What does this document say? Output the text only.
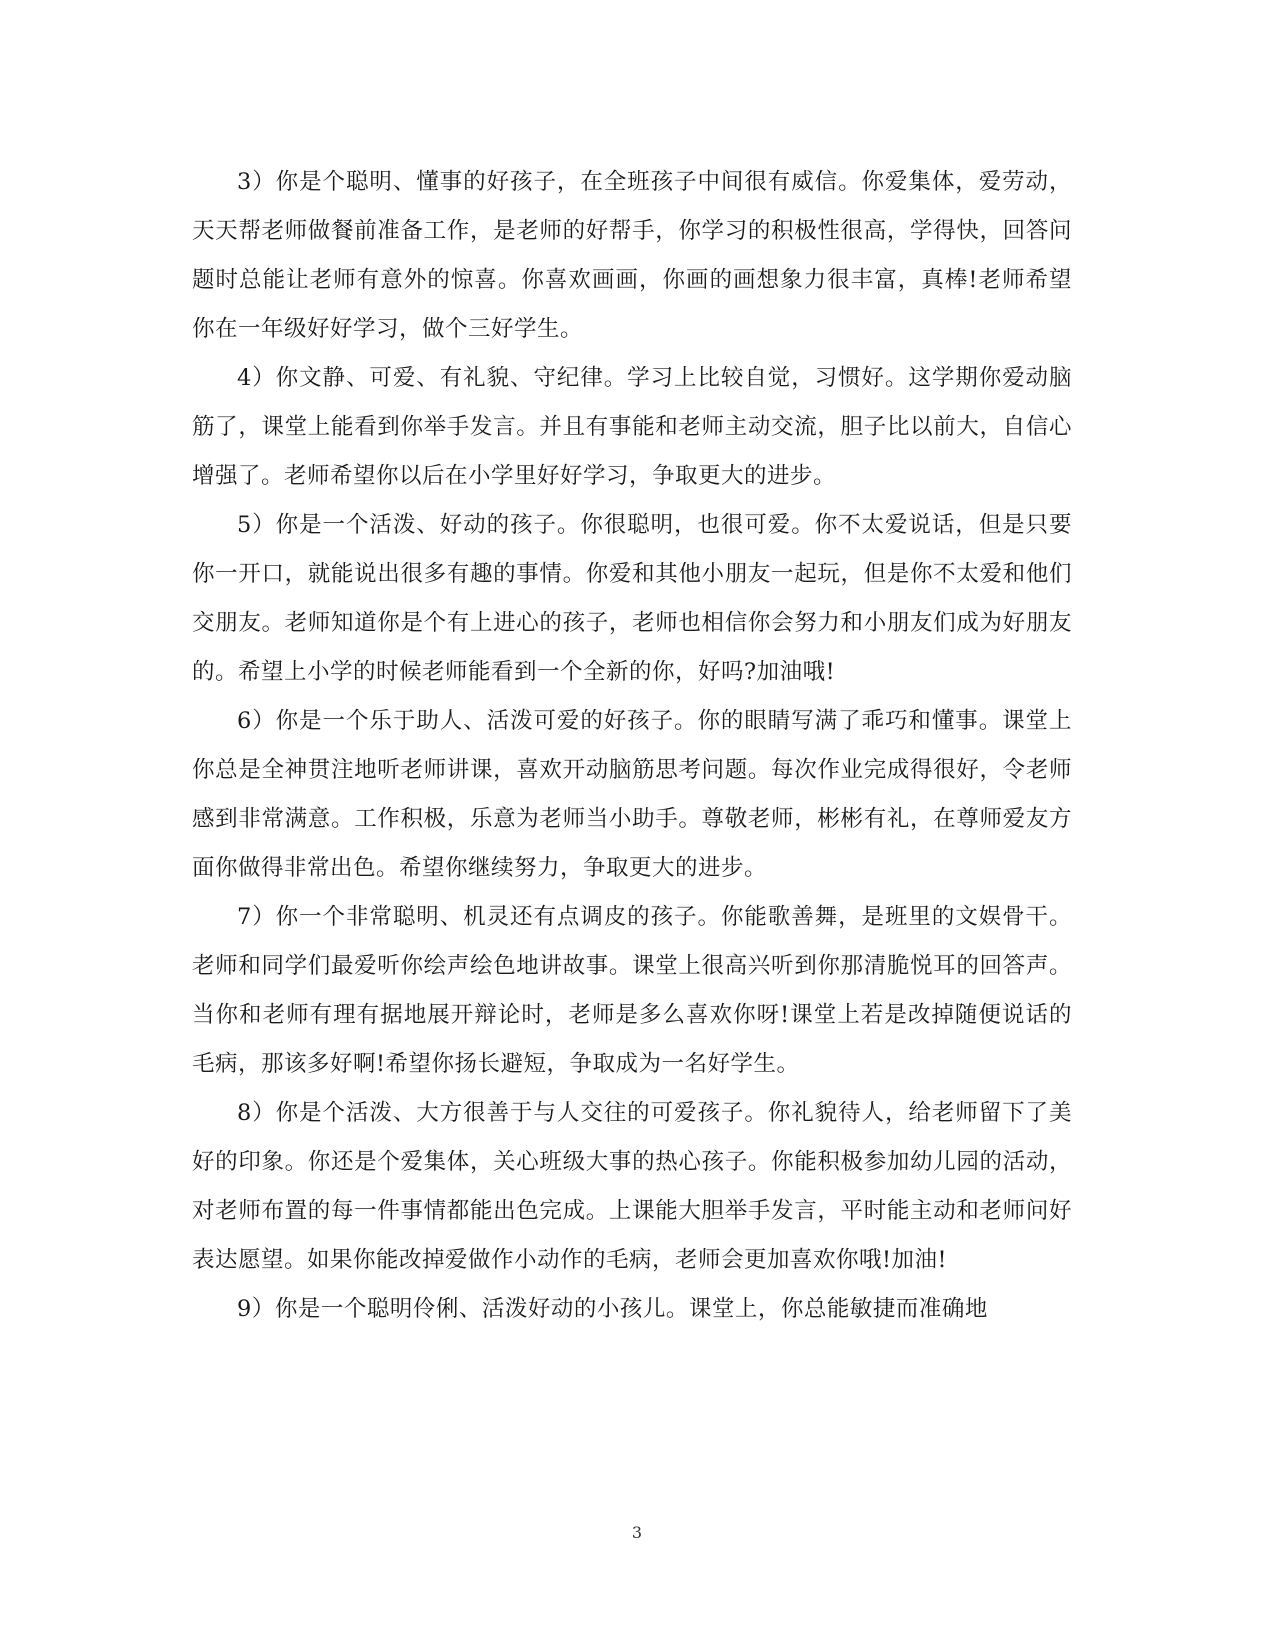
3）你是个聪明、懂事的好孩子，在全班孩子中间很有威信。你爱集体，爱劳动，天天帮老师做餐前准备工作，是老师的好帮手，你学习的积极性很高，学得快，回答问题时总能让老师有意外的惊喜。你喜欢画画，你画的画想象力很丰富，真棒!老师希望你在一年级好好学习，做个三好学生。

4）你文静、可爱、有礼貌、守纪律。学习上比较自觉，习惯好。这学期你爱动脑筋了，课堂上能看到你举手发言。并且有事能和老师主动交流，胆子比以前大，自信心增强了。老师希望你以后在小学里好好学习，争取更大的进步。

5）你是一个活泼、好动的孩子。你很聪明，也很可爱。你不太爱说话，但是只要你一开口，就能说出很多有趣的事情。你爱和其他小朋友一起玩，但是你不太爱和他们交朋友。老师知道你是个有上进心的孩子，老师也相信你会努力和小朋友们成为好朋友的。希望上小学的时候老师能看到一个全新的你，好吗?加油哦!

6）你是一个乐于助人、活泼可爱的好孩子。你的眼睛写满了乖巧和懂事。课堂上你总是全神贯注地听老师讲课，喜欢开动脑筋思考问题。每次作业完成得很好，令老师感到非常满意。工作积极，乐意为老师当小助手。尊敬老师，彬彬有礼，在尊师爱友方面你做得非常出色。希望你继续努力，争取更大的进步。

7）你一个非常聪明、机灵还有点调皮的孩子。你能歌善舞，是班里的文娱骨干。老师和同学们最爱听你绘声绘色地讲故事。课堂上很高兴听到你那清脆悦耳的回答声。当你和老师有理有据地展开辩论时，老师是多么喜欢你呀!课堂上若是改掉随便说话的毛病，那该多好啊!希望你扬长避短，争取成为一名好学生。

8）你是个活泼、大方很善于与人交往的可爱孩子。你礼貌待人，给老师留下了美好的印象。你还是个爱集体，关心班级大事的热心孩子。你能积极参加幼儿园的活动，对老师布置的每一件事情都能出色完成。上课能大胆举手发言，平时能主动和老师问好表达愿望。如果你能改掉爱做作小动作的毛病，老师会更加喜欢你哦!加油!

9）你是一个聪明伶俐、活泼好动的小孩儿。课堂上，你总能敏捷而准确地

3
